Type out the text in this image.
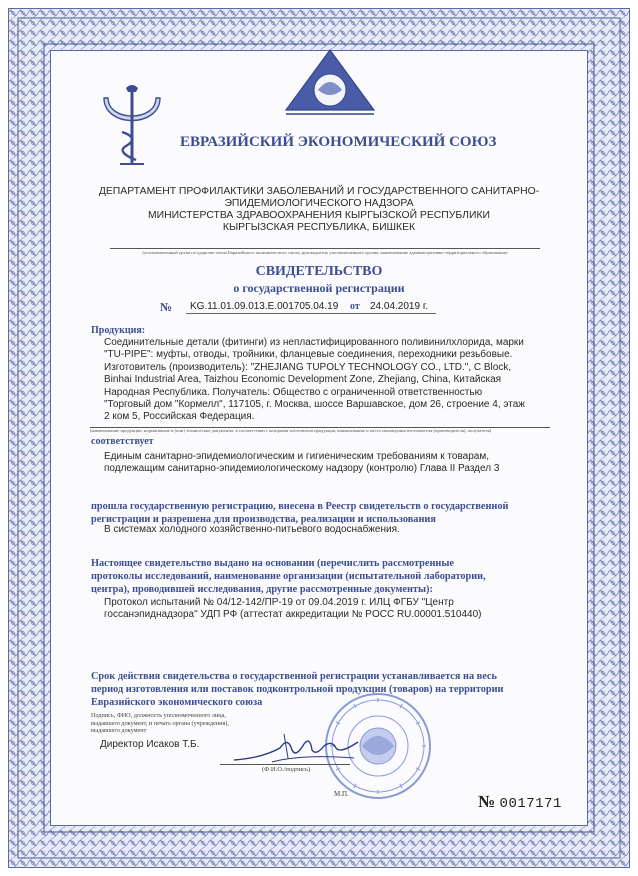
ЕВРАЗИЙСКИЙ ЭКОНОМИЧЕСКИЙ СОЮЗ
ДЕПАРТАМЕНТ ПРОФИЛАКТИКИ ЗАБОЛЕВАНИЙ И ГОСУДАРСТВЕННОГО САНИТАРНО-
ЭПИДЕМИОЛОГИЧЕСКОГО НАДЗОРА
МИНИСТЕРСТВА ЗДРАВООХРАНЕНИЯ КЫРГЫЗСКОЙ РЕСПУБЛИКИ
КЫРГЫЗСКАЯ РЕСПУБЛИКА, БИШКЕК
(уполномоченный орган государства-члена Евразийского экономического союза, руководитель уполномоченного органа, наименование административно-территориального образования)
СВИДЕТЕЛЬСТВО
о государственной регистрации
№ KG.11.01.09.013.Е.001705.04.19 от 24.04.2019 г.
Продукция:
Соединительные детали (фитинги) из непластифицированного поливинилхлорида, марки
"TU-PIPE": муфты, отводы, тройники, фланцевые соединения, переходники резьбовые.
Изготовитель (производитель): "ZHEJIANG TUPOLY TECHNOLOGY CO., LTD.", C Block,
Binhai Industrial Area, Taizhou Economic Development Zone, Zhejiang, China, Китайская
Народная Республика. Получатель: Общество с ограниченной ответственностью
"Торговый дом "Кормелл", 117105, г. Москва, шоссе Варшавское, дом 26, строение 4, этаж
2 ком 5, Российская Федерация.
(наименование продукции, нормативные и (или) технические документы, в соответствии с которыми изготовлена продукция, наименование и место нахождения изготовителя (производителя), получателя)
соответствует
Единым санитарно-эпидемиологическим и гигиеническим требованиям к товарам,
подлежащим санитарно-эпидемиологическому надзору (контролю) Глава II Раздел 3
прошла государственную регистрацию, внесена в Реестр свидетельств о государственной
регистрации и разрешена для производства, реализации и использования
В системах холодного хозяйственно-питьевого водоснабжения.
Настоящее свидетельство выдано на основании (перечислить рассмотренные
протоколы исследований, наименование организации (испытательной лаборатории,
центра), проводившей исследования, другие рассмотренные документы):
Протокол испытаний № 04/12-142/ПР-19 от 09.04.2019 г. ИЛЦ ФГБУ "Центр
госсанэпиднадзора" УДП РФ (аттестат аккредитации № POCC RU.00001.510440)
Срок действия свидетельства о государственной регистрации устанавливается на весь
период изготовления или поставок подконтрольной продукции (товаров) на территории
Евразийского экономического союза
Подпись, ФИО, должность уполномоченного лица,
выдавшего документ, и печать органа (учреждения),
выдавшего документ
Директор Исаков Т.Б.
(Ф.И.О./подпись)
М.П.	№ 0017171
